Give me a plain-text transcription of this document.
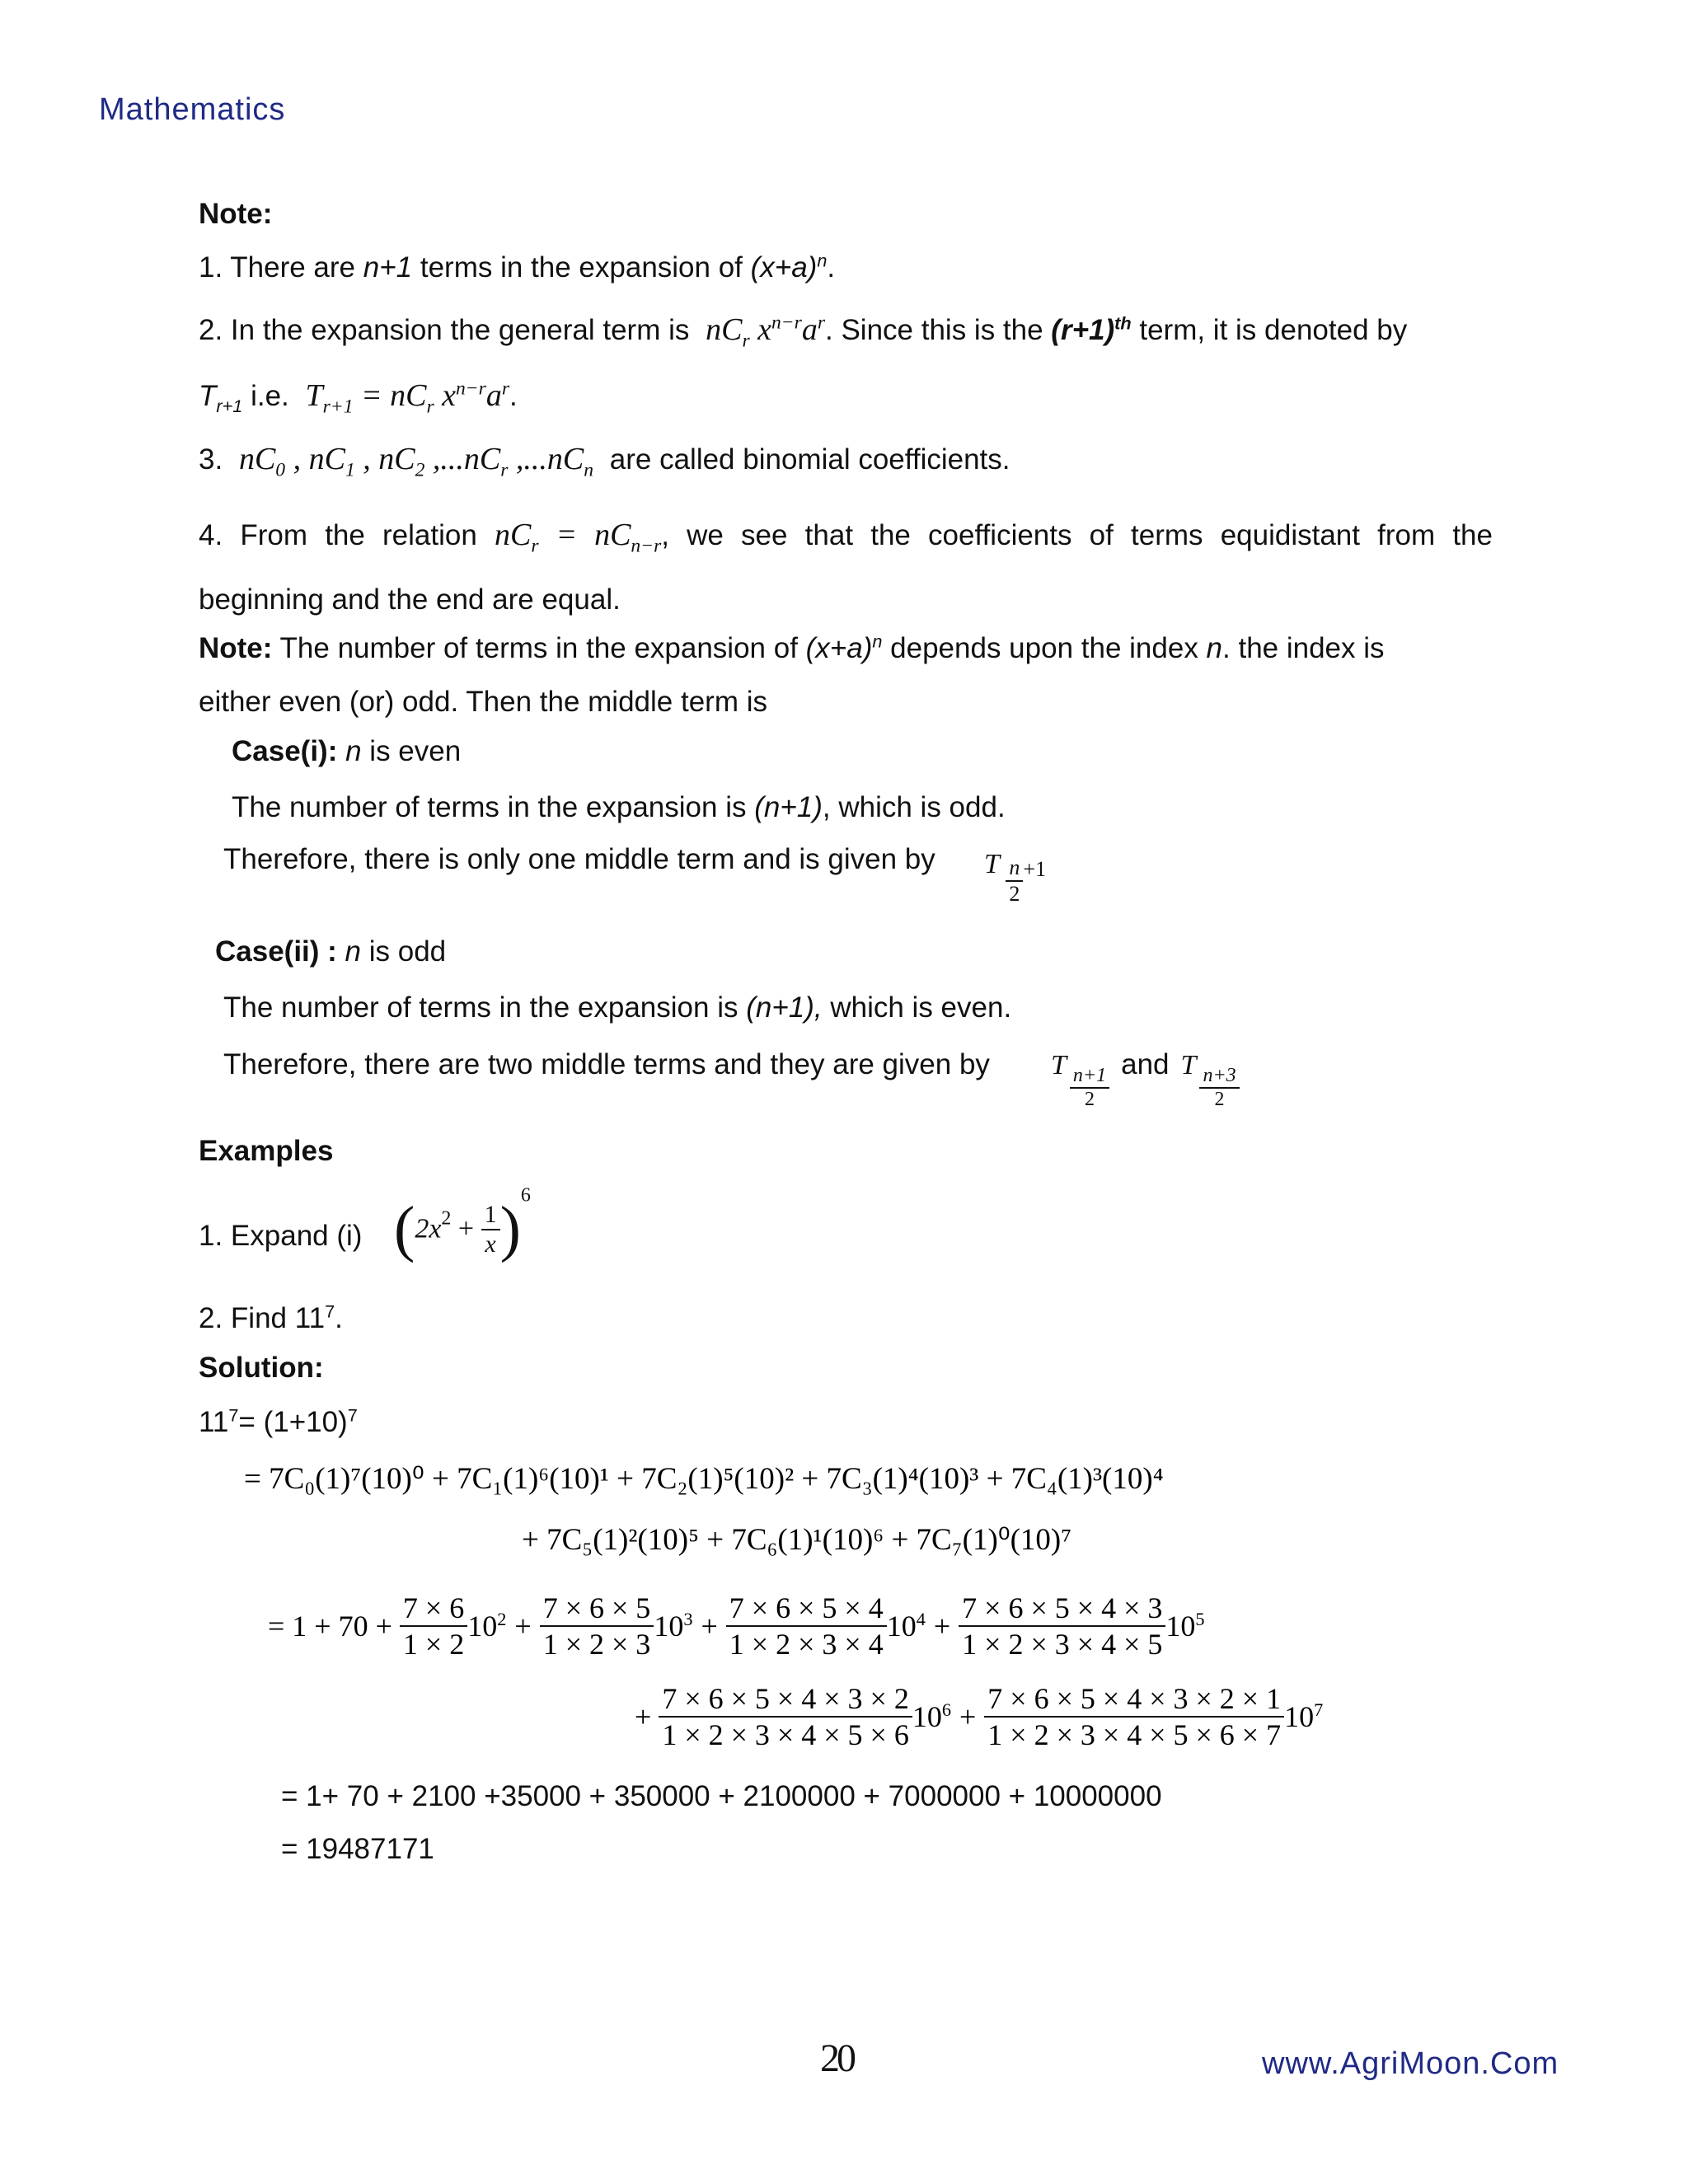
Mathematics
Note:
1. There are n+1 terms in the expansion of $(x+a)^n$.
2. In the expansion the general term is $nC_r$ $x^{n-r}a^r$. Since this is the $(r+1)^{th}$ term, it is denoted by
$T_{r+1}$ i.e. $T_{r+1} = nC_r$ $x^{n-r}a^r$.
3. $nC_0$ , $nC_1$ , $nC_2$ $,...nC_r$ $,...nC_n$ are called binomial coefficients.
4. From the relation $nC_r = nC_{n-r}$, we see that the coefficients of terms equidistant from the
beginning and the end are equal.
Note: The number of terms in the expansion of $(x+a)^n$ depends upon the index n. the index is
either even (or) odd. Then the middle term is
Case(i): n is even
The number of terms in the expansion is (n+1), which is odd.
Therefore, there is only one middle term and is given by T $\frac{n}{2} +1$
Case(ii) : n is odd
The number of terms in the expansion is (n+1), which is even.
Therefore, there are two middle terms and they are given by T $\frac{n+1}{2}$
and T $\frac{n+3}{2}$
Examples
1. Expand (i) $(2x^2 + \frac{1}{x} )^6$
2. Find $11^7$.
Solution:
$11^7= (1+10)^7$
= 7C₀(1)⁷(10)⁰ + 7C₁(1)⁶(10)¹ + 7C₂(1)⁵(10)² + 7C₃(1)⁴(10)³ + 7C₄(1)³(10)⁴
+ 7C₅(1)²(10)⁵ + 7C₆(1)¹(10)⁶ + 7C₇(1)⁰(10)⁷
= $1 + 70 + \frac{7 \times 6}{1 \times 2} 10^2 + \frac{7 \times 6 \times 5}{1 \times 2 \times 3} 10^3 + \frac{7 \times 6 \times 5 \times 4}{1 \times 2 \times 3 \times 4} 10^4 + \frac{7 \times 6 \times 5 \times 4 \times 3}{1 \times 2 \times 3 \times 4 \times 5} 10^5$
+ $\frac{7 \times 6 \times 5 \times 4 \times 3 \times 2}{1 \times 2 \times 3 \times 4 \times 5 \times 6} 10^6 + \frac{7 \times 6 \times 5 \times 4 \times 3 \times 2 \times 1}{1 \times 2 \times 3 \times 4 \times 5 \times 6 \times 7} 10^7$
= 1+ 70 + 2100 +35000 + 350000 + 2100000 + 7000000 + 10000000
= 19487171
20	www.AgriMoon.Com
